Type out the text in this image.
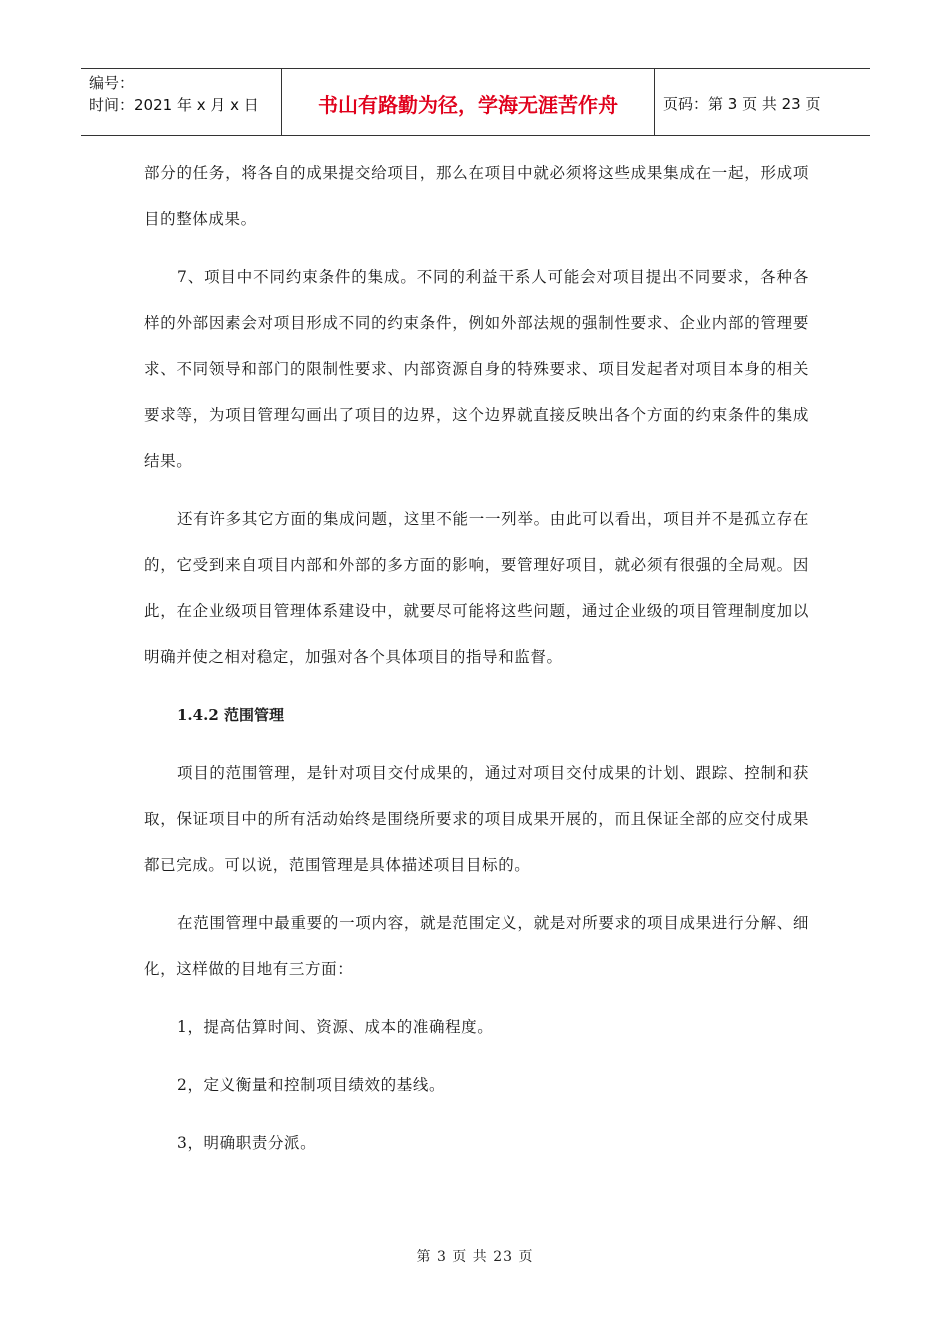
编号：
时间：2021 年 x 月 x 日	书山有路勤为径，学海无涯苦作舟	页码：第 3 页 共 23 页

部分的任务，将各自的成果提交给项目，那么在项目中就必须将这些成果集成在一起，形成项目的整体成果。

7、项目中不同约束条件的集成。不同的利益干系人可能会对项目提出不同要求，各种各样的外部因素会对项目形成不同的约束条件，例如外部法规的强制性要求、企业内部的管理要求、不同领导和部门的限制性要求、内部资源自身的特殊要求、项目发起者对项目本身的相关要求等，为项目管理勾画出了项目的边界，这个边界就直接反映出各个方面的约束条件的集成结果。

还有许多其它方面的集成问题，这里不能一一列举。由此可以看出，项目并不是孤立存在的，它受到来自项目内部和外部的多方面的影响，要管理好项目，就必须有很强的全局观。因此，在企业级项目管理体系建设中，就要尽可能将这些问题，通过企业级的项目管理制度加以明确并使之相对稳定，加强对各个具体项目的指导和监督。

1.4.2 范围管理

项目的范围管理，是针对项目交付成果的，通过对项目交付成果的计划、跟踪、控制和获取，保证项目中的所有活动始终是围绕所要求的项目成果开展的，而且保证全部的应交付成果都已完成。可以说，范围管理是具体描述项目目标的。

在范围管理中最重要的一项内容，就是范围定义，就是对所要求的项目成果进行分解、细化，这样做的目地有三方面：

1，提高估算时间、资源、成本的准确程度。
2，定义衡量和控制项目绩效的基线。
3，明确职责分派。
第 3 页 共 23 页
